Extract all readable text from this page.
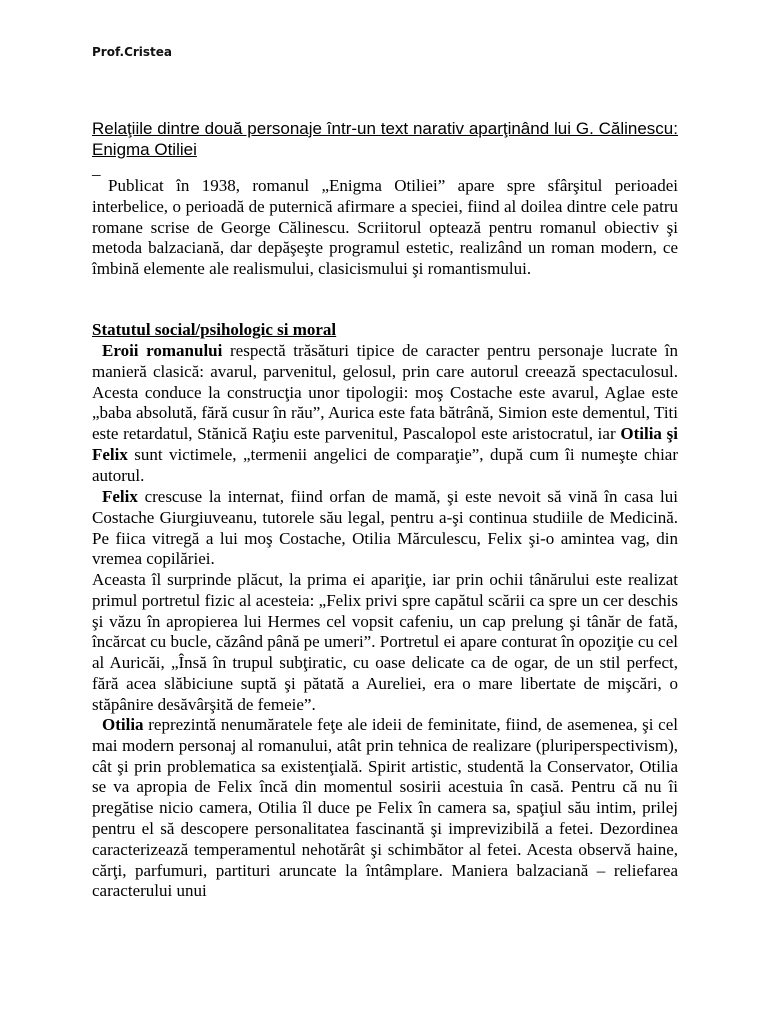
Prof.Cristea
Relaţiile dintre două personaje într-un text narativ aparţinând lui G. Călinescu: Enigma Otiliei
_

Publicat în 1938, romanul „Enigma Otiliei” apare spre sfârşitul perioadei interbelice, o perioadă de puternică afirmare a speciei, fiind al doilea dintre cele patru romane scrise de George Călinescu. Scriitorul optează pentru romanul obiectiv şi metoda balzaciană, dar depăşeşte programul estetic, realizând un roman modern, ce îmbină elemente ale realismului, clasicismului şi romantismului.

Statutul social/psihologic si moral

Eroii romanului respectă trăsături tipice de caracter pentru personaje lucrate în manieră clasică: avarul, parvenitul, gelosul, prin care autorul creează spectaculosul. Acesta conduce la construcţia unor tipologii: moş Costache este avarul, Aglae este „baba absolută, fără cusur în rău”, Aurica este fata bătrână, Simion este dementul, Titi este retardatul, Stănică Raţiu este parvenitul, Pascalopol este aristocratul, iar Otilia şi Felix sunt victimele, „termenii angelici de comparaţie”, după cum îi numeşte chiar autorul.

Felix crescuse la internat, fiind orfan de mamă, şi este nevoit să vină în casa lui Costache Giurgiuveanu, tutorele său legal, pentru a-şi continua studiile de Medicină. Pe fiica vitregă a lui moş Costache, Otilia Mărculescu, Felix şi-o amintea vag, din vremea copilăriei.

Aceasta îl surprinde plăcut, la prima ei apariţie, iar prin ochii tânărului este realizat primul portretul fizic al acesteia: „Felix privi spre capătul scării ca spre un cer deschis şi văzu în apropierea lui Hermes cel vopsit cafeniu, un cap prelung şi tânăr de fată, încărcat cu bucle, căzând până pe umeri”. Portretul ei apare conturat în opoziţie cu cel al Auricăi, „Însă în trupul subţiratic, cu oase delicate ca de ogar, de un stil perfect, fără acea slăbiciune suptă şi pătată a Aureliei, era o mare libertate de mişcări, o stăpânire desăvârşită de femeie”.

Otilia reprezintă nenumăratele feţe ale ideii de feminitate, fiind, de asemenea, şi cel mai modern personaj al romanului, atât prin tehnica de realizare (pluriperspectivism), cât şi prin problematica sa existenţială. Spirit artistic, studentă la Conservator, Otilia se va apropia de Felix încă din momentul sosirii acestuia în casă. Pentru că nu îi pregătise nicio camera, Otilia îl duce pe Felix în camera sa, spaţiul său intim, prilej pentru el să descopere personalitatea fascinantă şi imprevizibilă a fetei. Dezordinea caracterizează temperamentul nehotărât şi schimbător al fetei. Acesta observă haine, cărţi, parfumuri, partituri aruncate la întâmplare. Maniera balzaciană – reliefarea caracterului unui
